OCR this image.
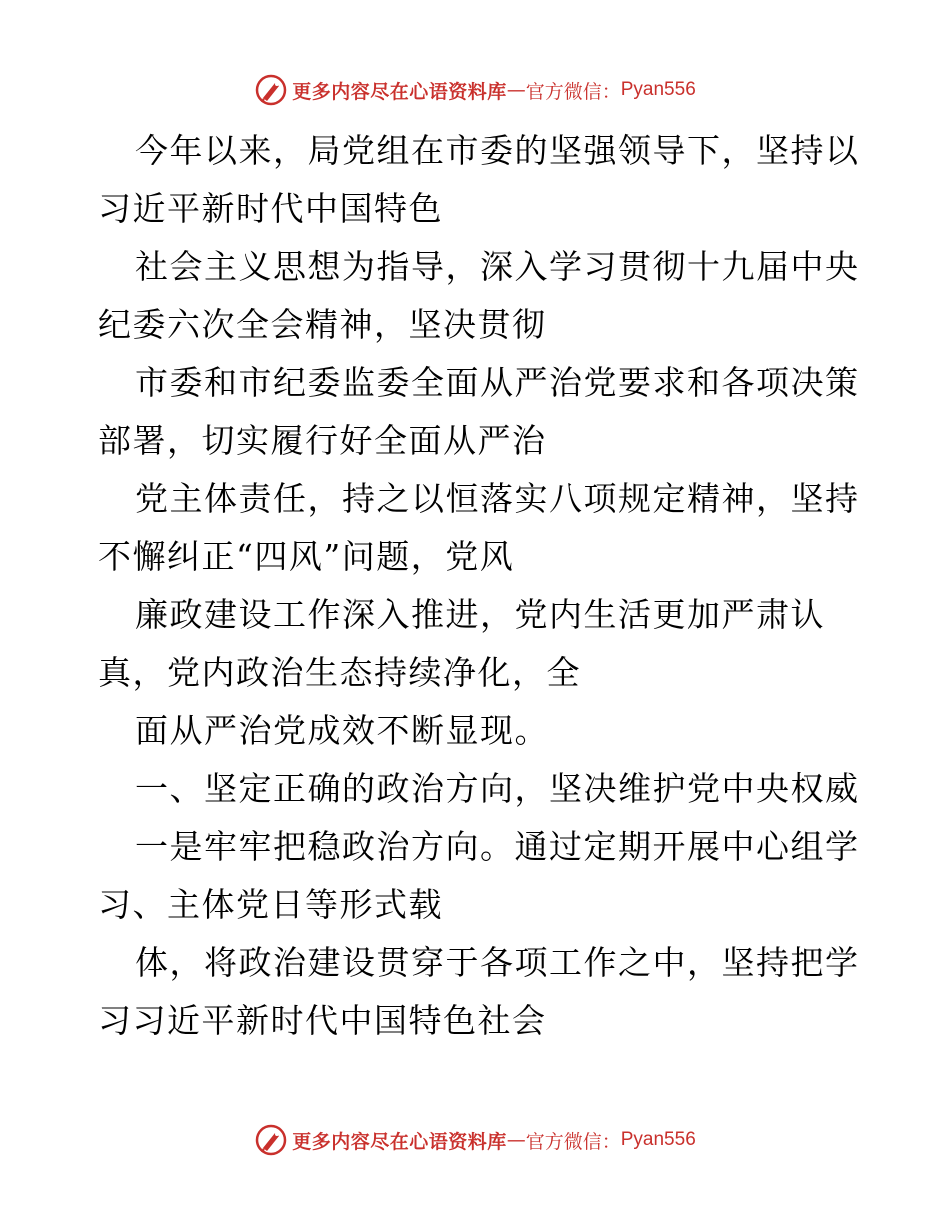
更多内容尽在心语资料库 — 官方微信： Pyan556
今年以来，局党组在市委的坚强领导下，坚持以
习近平新时代中国特色
社会主义思想为指导，深入学习贯彻十九届中央
纪委六次全会精神，坚决贯彻
市委和市纪委监委全面从严治党要求和各项决策
部署，切实履行好全面从严治
党主体责任，持之以恒落实八项规定精神，坚持
不懈纠正“四风”问题，党风
廉政建设工作深入推进，党内生活更加严肃认
真，党内政治生态持续净化，全
面从严治党成效不断显现。
一、坚定正确的政治方向，坚决维护党中央权威
一是牢牢把稳政治方向。通过定期开展中心组学
习、主体党日等形式载
体，将政治建设贯穿于各项工作之中，坚持把学
习习近平新时代中国特色社会
更多内容尽在心语资料库 — 官方微信： Pyan556
